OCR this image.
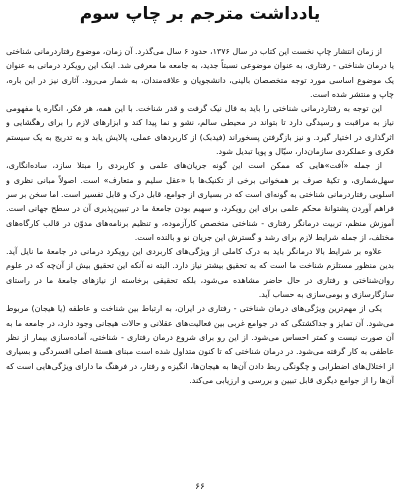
یادداشت مترجم بر چاپ سوم

از زمان انتشار چاپ نخست این کتاب در سال ۱۳۷۶، حدود ۶ سال می‌گذرد. آن زمان، موضوع رفتاردرمانی شناختی یا درمان شناختی - رفتاری، به عنوان موضوعی نسبتاً جدید، به جامعه ما معرفی شد. اینک این رویکرد درمانی به عنوان یک موضوع اساسی مورد توجه متخصصان بالینی، دانشجویان و علاقه‌مندان، به شمار می‌رود. آثاری نیز در این باره، چاپ و منتشر شده است.

این توجه به رفتاردرمانی شناختی را باید به فال نیک گرفت و قدر شناخت. با این همه، هر فکر، انگاره یا مفهومی نیاز به مراقبت و رسیدگی دارد تا بتواند در محیطی سالم، نشو و نما پیدا کند و ابزارهای لازم را برای رهگشایی و اثرگذاری در اختیار گیرد. و نیز بازگرفتن پسخوراند (فیدبک) از کاربردهای عملی، پالایش یابد و به تدریج به یک سیستم فکری و عملکردی سازمان‌دار، سیّال و پویا تبدیل شود.

از جمله «آفت»هایی که ممکن است این گونه جریان‌های علمی و کاربردی را مبتلا سازد، ساده‌انگاری، سهل‌شماری، و تکیهٔ صرف بر همخوانی برخی از تکنیک‌ها با «عقل سلیم و متعارف» است. اصولاً مبانی نظری و اسلوبی رفتاردرمانی شناختی به گونه‌ای است که در بسیاری از جوامع، قابل درک و قابل تفسیر است. اما سخن بر سر فراهم آوردن پشتوانهٔ محکم علمی برای این رویکرد، و سهیم بودن جامعهٔ ما در تبیین‌پذیری آن در سطح جهانی است. آموزش منظم، تربیت درمانگر رفتاری - شناختی متخصص کارآزموده، و تنظیم برنامه‌های مدوّن در قالب کارگاه‌های مختلف، از جمله شرایط لازم برای رشد و گسترش این جریان نو و بالنده است.

علاوه بر شرایط بالا درمانگر باید به درک کاملی از ویژگی‌های کاربردی این رویکرد درمانی در جامعهٔ ما نایل آید. بدین منظور مستلزم شناخت ما است که به تحقیق بیشتر نیاز دارد. البته نه آنکه این تحقیق بیش از آن‌چه که در علوم روان‌شناختی و رفتاری در حال حاضر مشاهده می‌شود، بلکه تحقیقی برخاسته از نیازهای جامعهٔ ما در راستای سازگارسازی و بومی‌سازی به حساب آید.

یکی از مهم‌ترین ویژگی‌های درمان شناختی - رفتاری در ایران، به ارتباط بین شناخت و عاطفه (یا هیجان) مربوط می‌شود. آن تمایز و جداکشتگی که در جوامع غربی بین فعالیت‌های عقلانی و حالات هیجانی وجود دارد، در جامعه ما به آن صورت نیست و کمتر احساس می‌شود. از این رو برای شروع درمان رفتاری - شناختی، آماده‌سازی بیمار از نظر عاطفی به کار گرفته می‌شود. در درمان شناختی که تا کنون متداول شده است مبنای هستهٔ اصلی افسردگی و بسیاری از اختلال‌های اضطرابی و چگونگی ربط دادن آن‌ها به هیجان‌ها، انگیزه و رفتار، در فرهنگ ما دارای ویژگی‌هایی است که آن‌ها را از جوامع دیگری قابل تبیین و بررسی و ارزیابی می‌کند.

۶۶
